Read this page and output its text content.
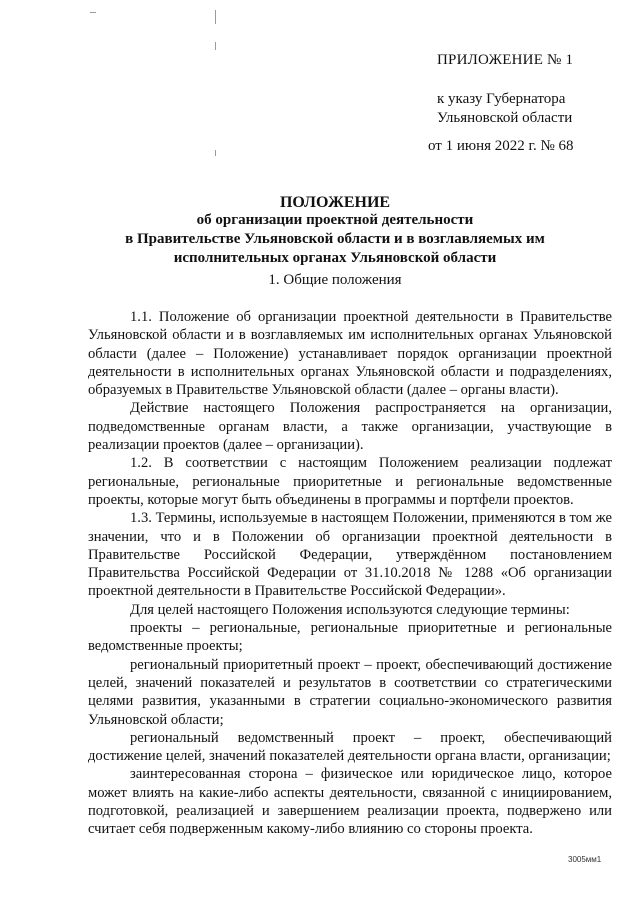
ПРИЛОЖЕНИЕ № 1
к указу Губернатора
Ульяновской области
от 1 июня 2022 г. № 68
ПОЛОЖЕНИЕ
об организации проектной деятельности
в Правительстве Ульяновской области и в возглавляемых им
исполнительных органах Ульяновской области
1. Общие положения

1.1. Положение об организации проектной деятельности в Правительстве Ульяновской области и в возглавляемых им исполнительных органах Ульяновской области (далее – Положение) устанавливает порядок организации проектной деятельности в исполнительных органах Ульяновской области и подразделениях, образуемых в Правительстве Ульяновской области (далее – органы власти).

Действие настоящего Положения распространяется на организации, подведомственные органам власти, а также организации, участвующие в реализации проектов (далее – организации).

1.2. В соответствии с настоящим Положением реализации подлежат региональные, региональные приоритетные и региональные ведомственные проекты, которые могут быть объединены в программы и портфели проектов.

1.3. Термины, используемые в настоящем Положении, применяются в том же значении, что и в Положении об организации проектной деятельности в Правительстве Российской Федерации, утверждённом постановлением Правительства Российской Федерации от 31.10.2018 № 1288 «Об организации проектной деятельности в Правительстве Российской Федерации».

Для целей настоящего Положения используются следующие термины:

проекты – региональные, региональные приоритетные и региональные ведомственные проекты;

региональный приоритетный проект – проект, обеспечивающий достижение целей, значений показателей и результатов в соответствии со стратегическими целями развития, указанными в стратегии социально-экономического развития Ульяновской области;

региональный ведомственный проект – проект, обеспечивающий достижение целей, значений показателей деятельности органа власти, организации;

заинтересованная сторона – физическое или юридическое лицо, которое может влиять на какие-либо аспекты деятельности, связанной с инициированием, подготовкой, реализацией и завершением реализации проекта, подвержено или считает себя подверженным какому-либо влиянию со стороны проекта.

3005мм1
